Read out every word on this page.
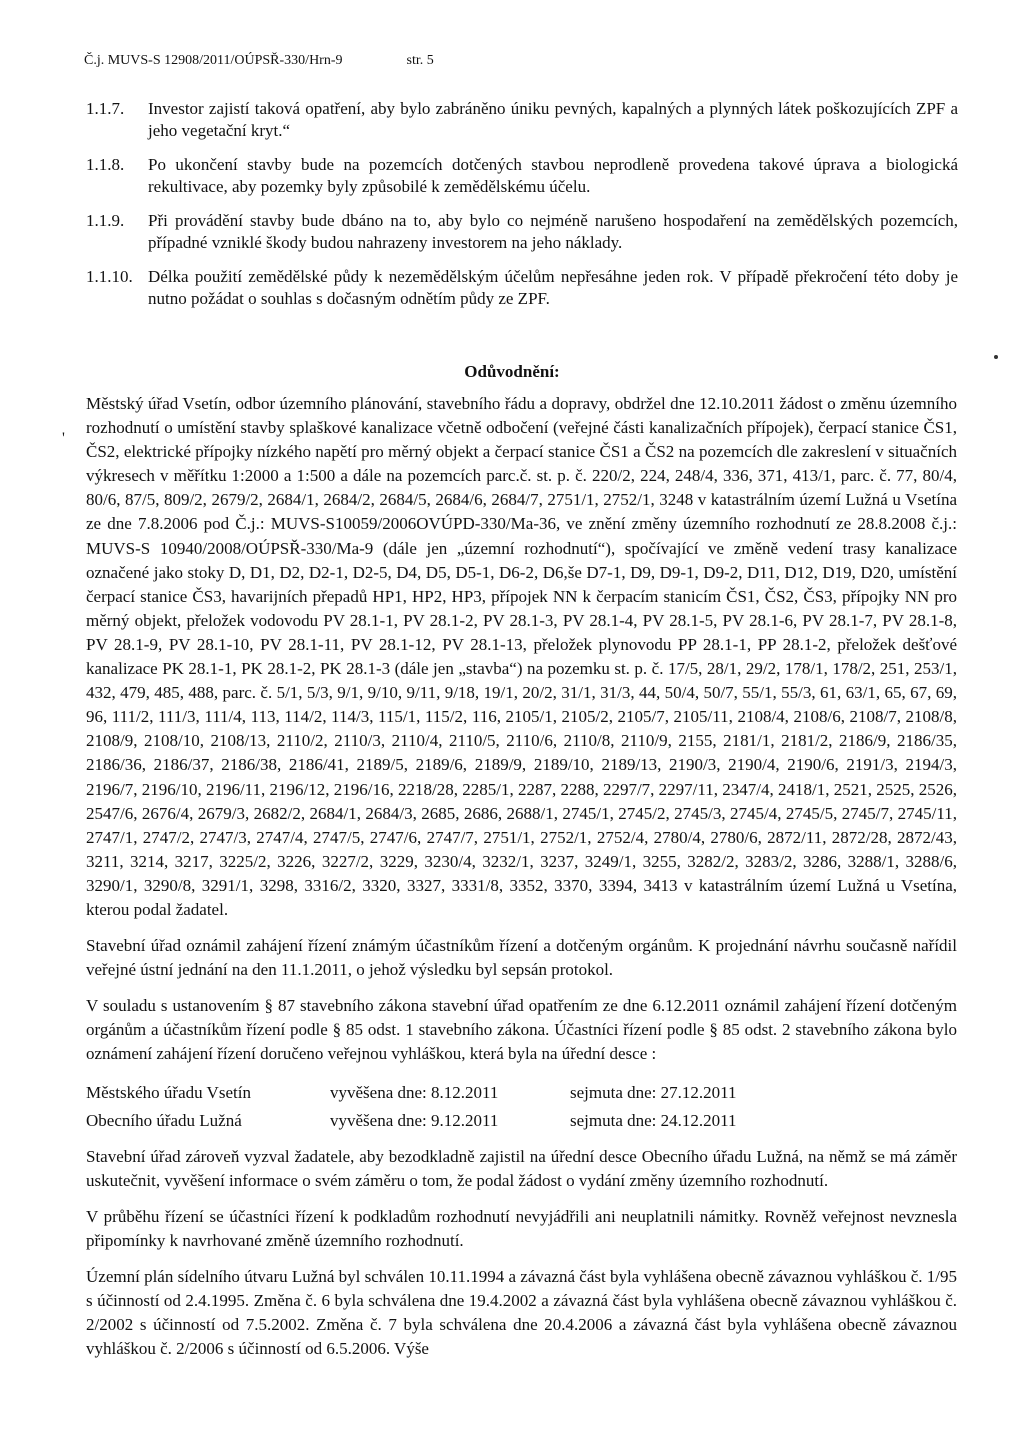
Č.j. MUVS-S 12908/2011/OÚPSŘ-330/Hrn-9	str. 5
1.1.7.	Investor zajistí taková opatření, aby bylo zabráněno úniku pevných, kapalných a plynných látek poškozujících ZPF a jeho vegetační kryt.“
1.1.8.	Po ukončení stavby bude na pozemcích dotčených stavbou neprodleně provedena takové úprava a biologická rekultivace, aby pozemky byly způsobilé k zemědělskému účelu.
1.1.9.	Při provádění stavby bude dbáno na to, aby bylo co nejméně narušeno hospodaření na zemědělských pozemcích, případné vzniklé škody budou nahrazeny investorem na jeho náklady.
1.1.10. Délka použití zemědělské půdy k nezemědělským účelům nepřesáhne jeden rok. V případě překročení této doby je nutno požádat o souhlas s dočasným odnětím půdy ze ZPF.
Odůvodnění:
'

Městský úřad Vsetín, odbor územního plánování, stavebního řádu a dopravy, obdržel dne 12.10.2011 žádost o změnu územního rozhodnutí o umístění stavby splaškové kanalizace včetně odbočení (veřejné části kanalizačních přípojek), čerpací stanice ČS1, ČS2, elektrické přípojky nízkého napětí pro měrný objekt a čerpací stanice ČS1 a ČS2 na pozemcích dle zakreslení v situačních výkresech v měřítku 1:2000 a 1:500 a dále na pozemcích parc.č. st. p. č. 220/2, 224, 248/4, 336, 371, 413/1, parc. č. 77, 80/4, 80/6, 87/5, 809/2, 2679/2, 2684/1, 2684/2, 2684/5, 2684/6, 2684/7, 2751/1, 2752/1, 3248 v katastrálním území Lužná u Vsetína ze dne 7.8.2006 pod Č.j.: MUVS-S10059/2006OVÚPD-330/Ma-36, ve znění změny územního rozhodnutí ze 28.8.2008 č.j.: MUVS-S 10940/2008/OÚPSŘ-330/Ma-9 (dále jen „územní rozhodnutí“), spočívající ve změně vedení trasy kanalizace označené jako stoky D, D1, D2, D2-1, D2-5, D4, D5, D5-1, D6-2, D6,še D7-1, D9, D9-1, D9-2, D11, D12, D19, D20, umístění čerpací stanice ČS3, havarijních přepadů HP1, HP2, HP3, přípojek NN k čerpacím stanicím ČS1, ČS2, ČS3, přípojky NN pro měrný objekt, přeložek vodovodu PV 28.1-1, PV 28.1-2, PV 28.1-3, PV 28.1-4, PV 28.1-5, PV 28.1-6, PV 28.1-7, PV 28.1-8, PV 28.1-9, PV 28.1-10, PV 28.1-11, PV 28.1-12, PV 28.1-13, přeložek plynovodu PP 28.1-1, PP 28.1-2, přeložek dešťové kanalizace PK 28.1-1, PK 28.1-2, PK 28.1-3 (dále jen „stavba“) na pozemku st. p. č. 17/5, 28/1, 29/2, 178/1, 178/2, 251, 253/1, 432, 479, 485, 488, parc. č. 5/1, 5/3, 9/1, 9/10, 9/11, 9/18, 19/1, 20/2, 31/1, 31/3, 44, 50/4, 50/7, 55/1, 55/3, 61, 63/1, 65, 67, 69, 96, 111/2, 111/3, 111/4, 113, 114/2, 114/3, 115/1, 115/2, 116, 2105/1, 2105/2, 2105/7, 2105/11, 2108/4, 2108/6, 2108/7, 2108/8, 2108/9, 2108/10, 2108/13, 2110/2, 2110/3, 2110/4, 2110/5, 2110/6, 2110/8, 2110/9, 2155, 2181/1, 2181/2, 2186/9, 2186/35, 2186/36, 2186/37, 2186/38, 2186/41, 2189/5, 2189/6, 2189/9, 2189/10, 2189/13, 2190/3, 2190/4, 2190/6, 2191/3, 2194/3, 2196/7, 2196/10, 2196/11, 2196/12, 2196/16, 2218/28, 2285/1, 2287, 2288, 2297/7, 2297/11, 2347/4, 2418/1, 2521, 2525, 2526, 2547/6, 2676/4, 2679/3, 2682/2, 2684/1, 2684/3, 2685, 2686, 2688/1, 2745/1, 2745/2, 2745/3, 2745/4, 2745/5, 2745/7, 2745/11, 2747/1, 2747/2, 2747/3, 2747/4, 2747/5, 2747/6, 2747/7, 2751/1, 2752/1, 2752/4, 2780/4, 2780/6, 2872/11, 2872/28, 2872/43, 3211, 3214, 3217, 3225/2, 3226, 3227/2, 3229, 3230/4, 3232/1, 3237, 3249/1, 3255, 3282/2, 3283/2, 3286, 3288/1, 3288/6, 3290/1, 3290/8, 3291/1, 3298, 3316/2, 3320, 3327, 3331/8, 3352, 3370, 3394, 3413 v katastrálním území Lužná u Vsetína, kterou podal žadatel.

Stavební úřad oznámil zahájení řízení známým účastníkům řízení a dotčeným orgánům. K projednání návrhu současně nařídil veřejné ústní jednání na den 11.1.2011, o jehož výsledku byl sepsán protokol.

V souladu s ustanovením § 87 stavebního zákona stavební úřad opatřením ze dne 6.12.2011 oznámil zahájení řízení dotčeným orgánům a účastníkům řízení podle § 85 odst. 1 stavebního zákona. Účastníci řízení podle § 85 odst. 2 stavebního zákona bylo oznámení zahájení řízení doručeno veřejnou vyhláškou, která byla na úřední desce :

Městského úřadu Vsetín	vyvěšena dne: 8.12.2011	sejmuta dne: 27.12.2011
Obecního úřadu Lužná	vyvěšena dne: 9.12.2011	sejmuta dne: 24.12.2011

Stavební úřad zároveň vyzval žadatele, aby bezodkladně zajistil na úřední desce Obecního úřadu Lužná, na němž se má záměr uskutečnit, vyvěšení informace o svém záměru o tom, že podal žádost o vydání změny územního rozhodnutí.

V průběhu řízení se účastníci řízení k podkladům rozhodnutí nevyjádřili ani neuplatnili námitky. Rovněž veřejnost nevznesla připomínky k navrhované změně územního rozhodnutí.

Územní plán sídelního útvaru Lužná byl schválen 10.11.1994 a závazná část byla vyhlášena obecně závaznou vyhláškou č. 1/95 s účinností od 2.4.1995. Změna č. 6 byla schválena dne 19.4.2002 a závazná část byla vyhlášena obecně závaznou vyhláškou č. 2/2002 s účinností od 7.5.2002. Změna č. 7 byla schválena dne 20.4.2006 a závazná část byla vyhlášena obecně závaznou vyhláškou č. 2/2006 s účinností od 6.5.2006. Výše
